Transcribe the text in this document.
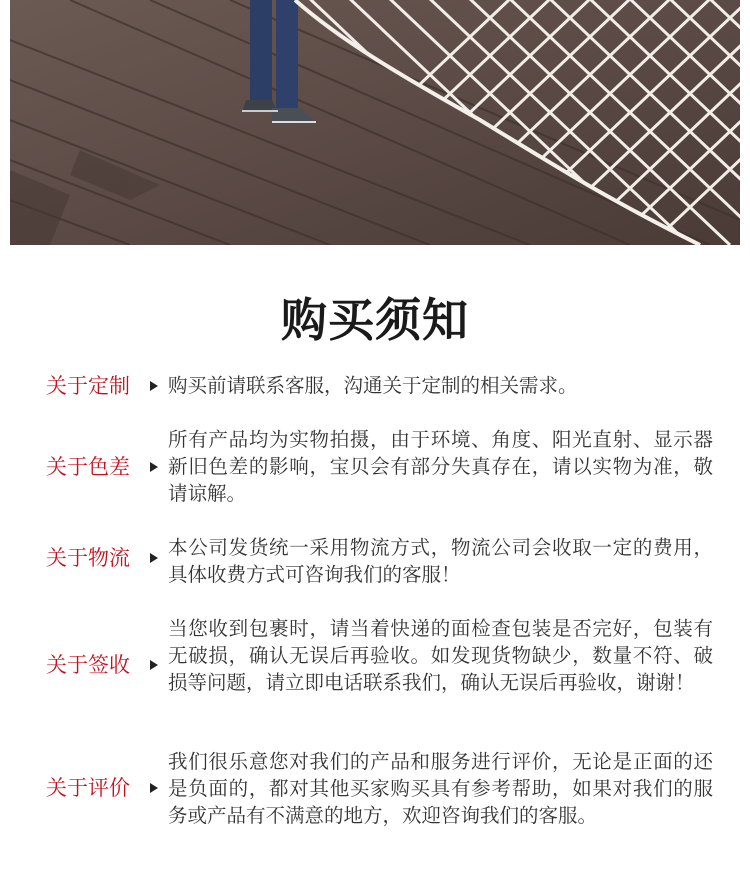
购买须知
关于定制	购买前请联系客服，沟通关于定制的相关需求。

关于色差

所有产品均为实物拍摄，由于环境、角度、阳光直射、显示器新旧色差的影响，宝贝会有部分失真存在，请以实物为准，敬请谅解。

关于物流	本公司发货统一采用物流方式，物流公司会收取一定的费用，具体收费方式可咨询我们的客服！

关于签收

当您收到包裹时，请当着快递的面检查包装是否完好，包装有无破损，确认无误后再验收。如发现货物缺少，数量不符、破损等问题，请立即电话联系我们，确认无误后再验收，谢谢！

关于评价

我们很乐意您对我们的产品和服务进行评价，无论是正面的还是负面的，都对其他买家购买具有参考帮助，如果对我们的服务或产品有不满意的地方，欢迎咨询我们的客服。
